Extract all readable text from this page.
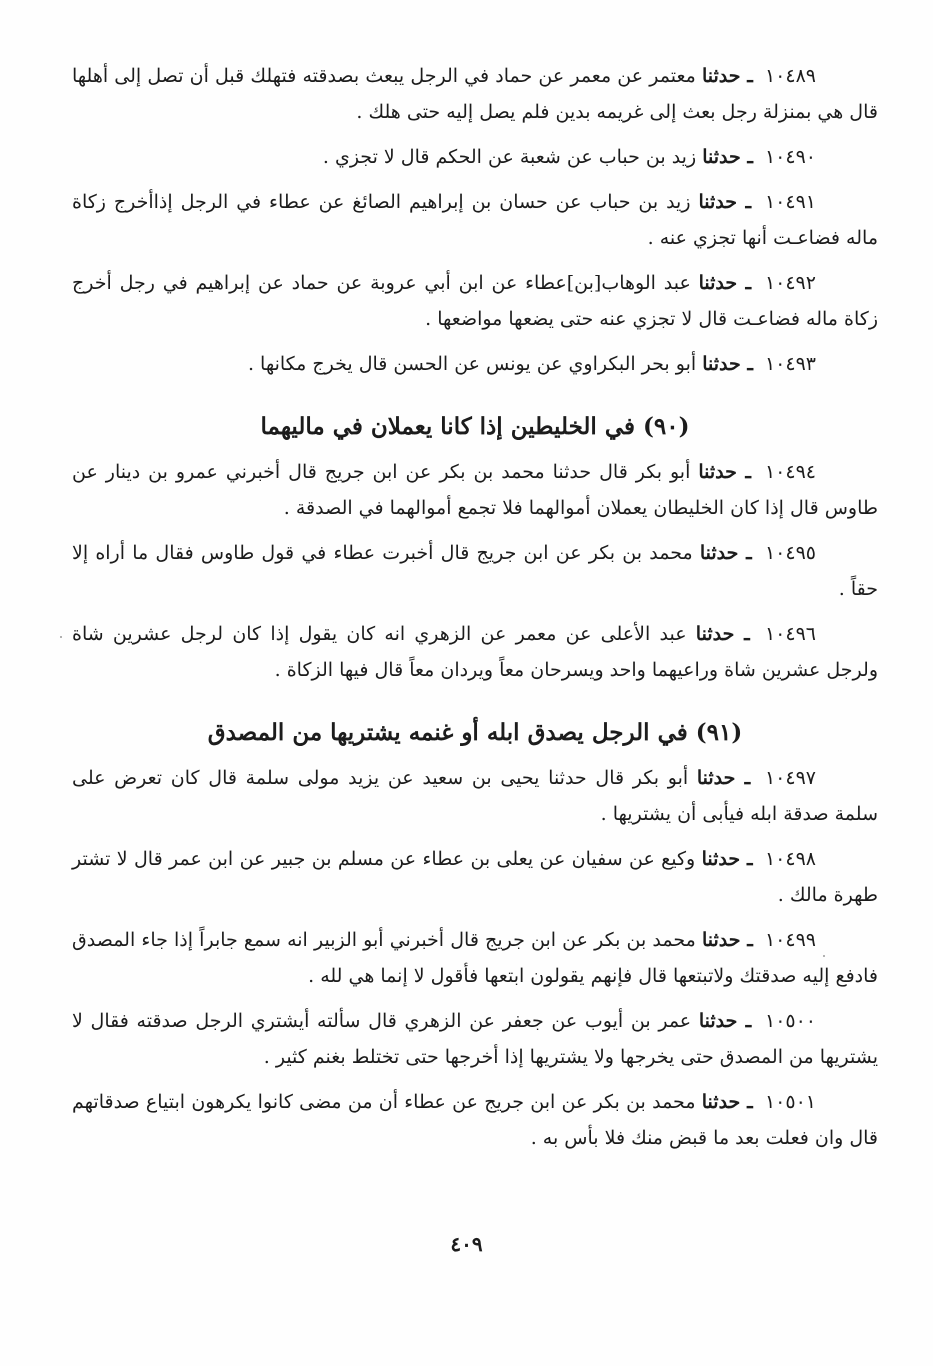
١٠٤٨٩ ـ حدثنا معتمر عن معمر عن حماد في الرجل يبعث بصدقته فتهلك قبل أن تصل إلى أهلها قال هي بمنزلة رجل بعث إلى غريمه بدين فلم يصل إليه حتى هلك .

١٠٤٩٠ ـ حدثنا زيد بن حباب عن شعبة عن الحكم قال لا تجزي .

١٠٤٩١ ـ حدثنا زيد بن حباب عن حسان بن إبراهيم الصائغ عن عطاء في الرجل إذاأخرج زكاة ماله فضاعـت أنها تجزي عنه .

١٠٤٩٢ ـ حدثنا عبد الوهاب[بن]عطاء عن ابن أبي عروبة عن حماد عن إبراهيم في رجل أخرج زكاة ماله فضاعـت قال لا تجزي عنه حتى يضعها مواضعها .

١٠٤٩٣ ـ حدثنا أبو بحر البكراوي عن يونس عن الحسن قال يخرج مكانها .

(٩٠) في الخليطين إذا كانا يعملان في ماليهما

١٠٤٩٤ ـ حدثنا أبو بكر قال حدثنا محمد بن بكر عن ابن جريج قال أخبرني عمرو بن دينار عن طاوس قال إذا كان الخليطان يعملان أموالهما فلا تجمع أموالهما في الصدقة .

١٠٤٩٥ ـ حدثنا محمد بن بكر عن ابن جريج قال أخبرت عطاء في قول طاوس فقال ما أراه إلا حقاً .

١٠٤٩٦ ـ حدثنا عبد الأعلى عن معمر عن الزهري انه كان يقول إذا كان لرجل عشرين شاة ولرجل عشرين شاة وراعيهما واحد ويسرحان معاً ويردان معاً قال فيها الزكاة .

(٩١) في الرجل يصدق ابله أو غنمه يشتريها من المصدق

١٠٤٩٧ ـ حدثنا أبو بكر قال حدثنا يحيى بن سعيد عن يزيد مولى سلمة قال كان تعرض على سلمة صدقة ابله فيأبى أن يشتريها .

١٠٤٩٨ ـ حدثنا وكيع عن سفيان عن يعلى بن عطاء عن مسلم بن جبير عن ابن عمر قال لا تشتر طهرة مالك .

١٠٤٩٩ ـ حدثنا محمد بن بكر عن ابن جريج قال أخبرني أبو الزبير انه سمع جابراً إذا جاء المصدق فادفع إليه صدقتك ولاتبتعها قال فإنهم يقولون ابتعها فأقول لا إنما هي لله .

١٠٥٠٠ ـ حدثنا عمر بن أيوب عن جعفر عن الزهري قال سألته أيشتري الرجل صدقته فقال لا يشتريها من المصدق حتى يخرجها ولا يشتريها إذا أخرجها حتى تختلط بغنم كثير .

١٠٥٠١ ـ حدثنا محمد بن بكر عن ابن جريج عن عطاء أن من مضى كانوا يكرهون ابتياع صدقاتهم قال وان فعلت بعد ما قبض منك فلا بأس به .

٤٠٩
